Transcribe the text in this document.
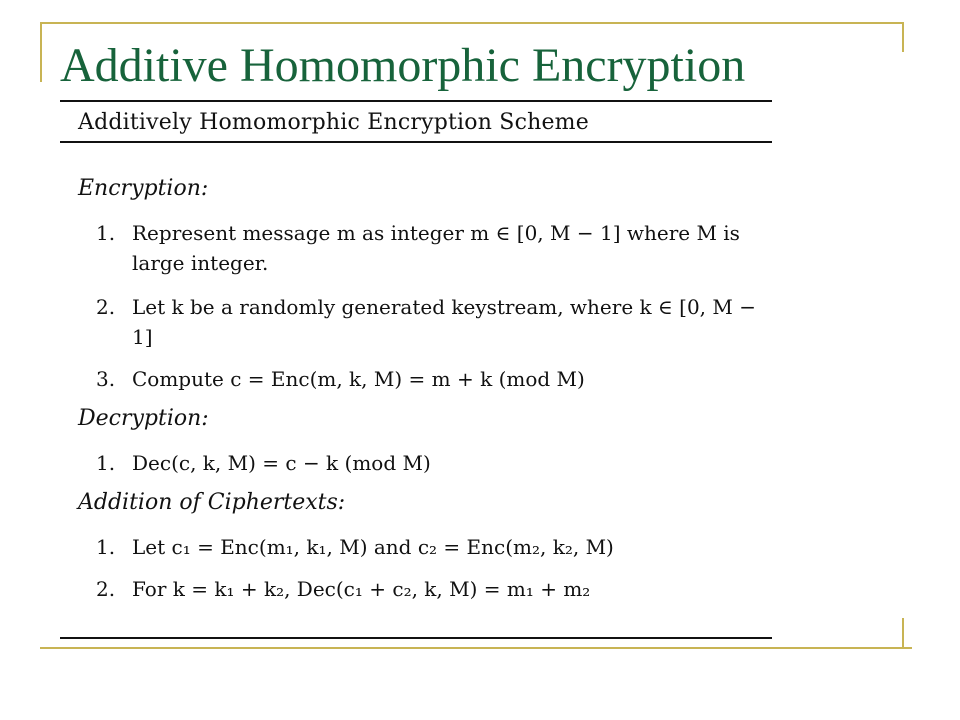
Additive Homomorphic Encryption
Additively Homomorphic Encryption Scheme
Encryption:
1. Represent message m as integer m ∈ [0, M − 1] where M is large integer.
2. Let k be a randomly generated keystream, where k ∈ [0, M − 1]
3. Compute c = Enc(m, k, M) = m + k (mod M)
Decryption:
1. Dec(c, k, M) = c − k (mod M)
Addition of Ciphertexts:
1. Let c₁ = Enc(m₁, k₁, M) and c₂ = Enc(m₂, k₂, M)
2. For k = k₁ + k₂, Dec(c₁ + c₂, k, M) = m₁ + m₂
